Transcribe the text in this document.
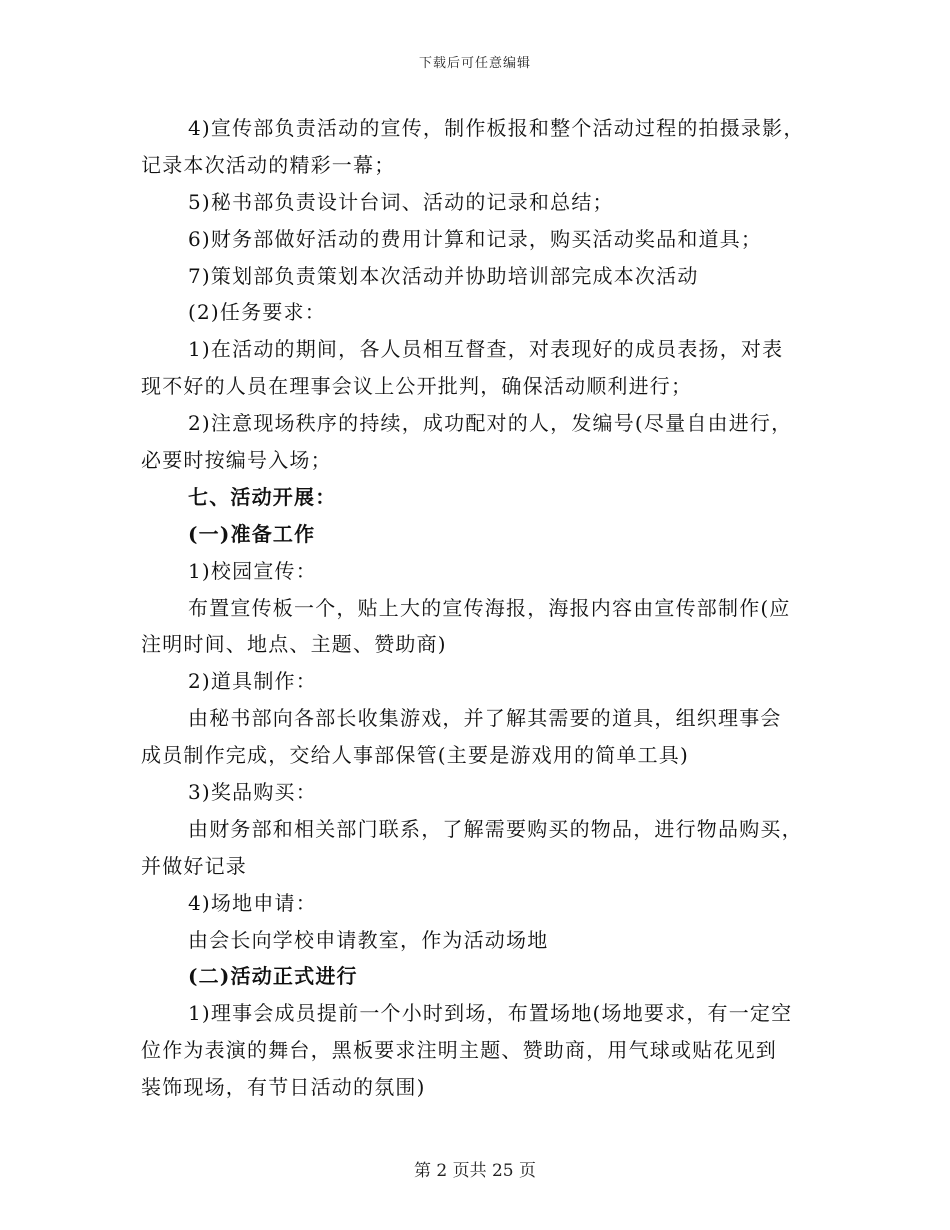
下载后可任意编辑
4)宣传部负责活动的宣传，制作板报和整个活动过程的拍摄录影，
记录本次活动的精彩一幕；
5)秘书部负责设计台词、活动的记录和总结；
6)财务部做好活动的费用计算和记录，购买活动奖品和道具；
7)策划部负责策划本次活动并协助培训部完成本次活动
(2)任务要求：
1)在活动的期间，各人员相互督查，对表现好的成员表扬，对表
现不好的人员在理事会议上公开批判，确保活动顺利进行；
2)注意现场秩序的持续，成功配对的人，发编号(尽量自由进行，
必要时按编号入场；
七、活动开展：
(一)准备工作
1)校园宣传：
布置宣传板一个，贴上大的宣传海报，海报内容由宣传部制作(应
注明时间、地点、主题、赞助商)
2)道具制作：
由秘书部向各部长收集游戏，并了解其需要的道具，组织理事会
成员制作完成，交给人事部保管(主要是游戏用的简单工具)
3)奖品购买：
由财务部和相关部门联系，了解需要购买的物品，进行物品购买，
并做好记录
4)场地申请：
由会长向学校申请教室，作为活动场地
(二)活动正式进行
1)理事会成员提前一个小时到场，布置场地(场地要求，有一定空
位作为表演的舞台，黑板要求注明主题、赞助商，用气球或贴花见到
装饰现场，有节日活动的氛围)
第 2 页共 25 页
